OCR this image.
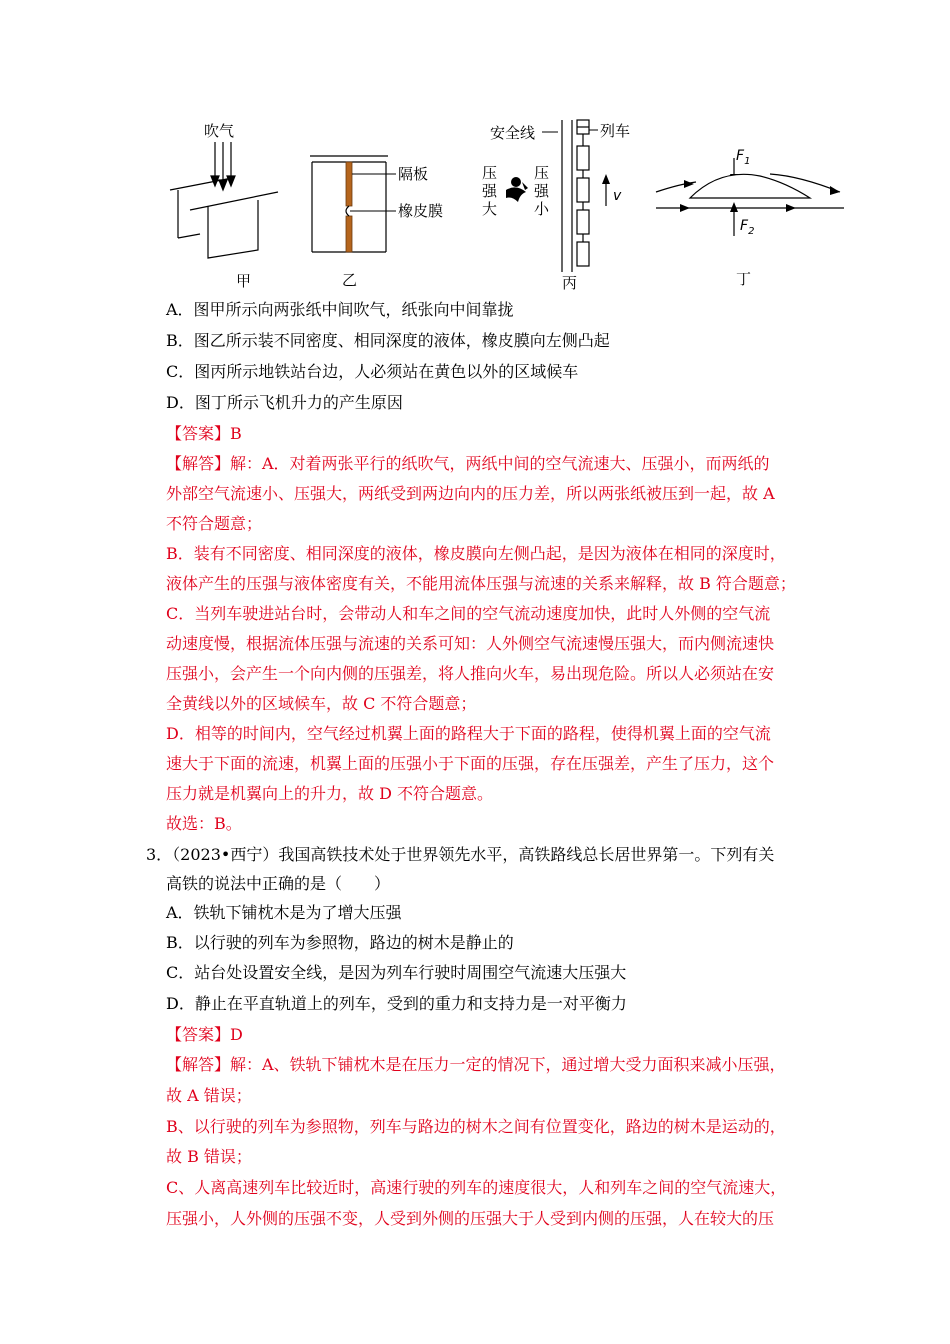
吹气
甲
隔板
橡皮膜
乙
安全线	列车
v
压
强
大
压
强
小
丙
$F_1$
$F_2$
丁
A．图甲所示向两张纸中间吹气，纸张向中间靠拢
B．图乙所示装不同密度、相同深度的液体，橡皮膜向左侧凸起
C．图丙所示地铁站台边，人必须站在黄色以外的区域候车
D．图丁所示飞机升力的产生原因
【答案】B
【解答】解：A．对着两张平行的纸吹气，两纸中间的空气流速大、压强小，而两纸的
外部空气流速小、压强大，两纸受到两边向内的压力差，所以两张纸被压到一起，故 A
不符合题意；
B．装有不同密度、相同深度的液体，橡皮膜向左侧凸起，是因为液体在相同的深度时，
液体产生的压强与液体密度有关，不能用流体压强与流速的关系来解释，故 B 符合题意；
C．当列车驶进站台时，会带动人和车之间的空气流动速度加快，此时人外侧的空气流
动速度慢，根据流体压强与流速的关系可知：人外侧空气流速慢压强大，而内侧流速快
压强小，会产生一个向内侧的压强差，将人推向火车，易出现危险。所以人必须站在安
全黄线以外的区域候车，故 C 不符合题意；
D．相等的时间内，空气经过机翼上面的路程大于下面的路程，使得机翼上面的空气流
速大于下面的流速，机翼上面的压强小于下面的压强，存在压强差，产生了压力，这个
压力就是机翼向上的升力，故 D 不符合题意。
故选：B。
3．（2023•西宁）我国高铁技术处于世界领先水平，高铁路线总长居世界第一。下列有关
高铁的说法中正确的是（　　）
A．铁轨下铺枕木是为了增大压强
B．以行驶的列车为参照物，路边的树木是静止的
C．站台处设置安全线，是因为列车行驶时周围空气流速大压强大
D．静止在平直轨道上的列车，受到的重力和支持力是一对平衡力
【答案】D
【解答】解：A、铁轨下铺枕木是在压力一定的情况下，通过增大受力面积来减小压强，
故 A 错误；
B、以行驶的列车为参照物，列车与路边的树木之间有位置变化，路边的树木是运动的，
故 B 错误；
C、人离高速列车比较近时，高速行驶的列车的速度很大，人和列车之间的空气流速大，
压强小，人外侧的压强不变，人受到外侧的压强大于人受到内侧的压强，人在较大的压
